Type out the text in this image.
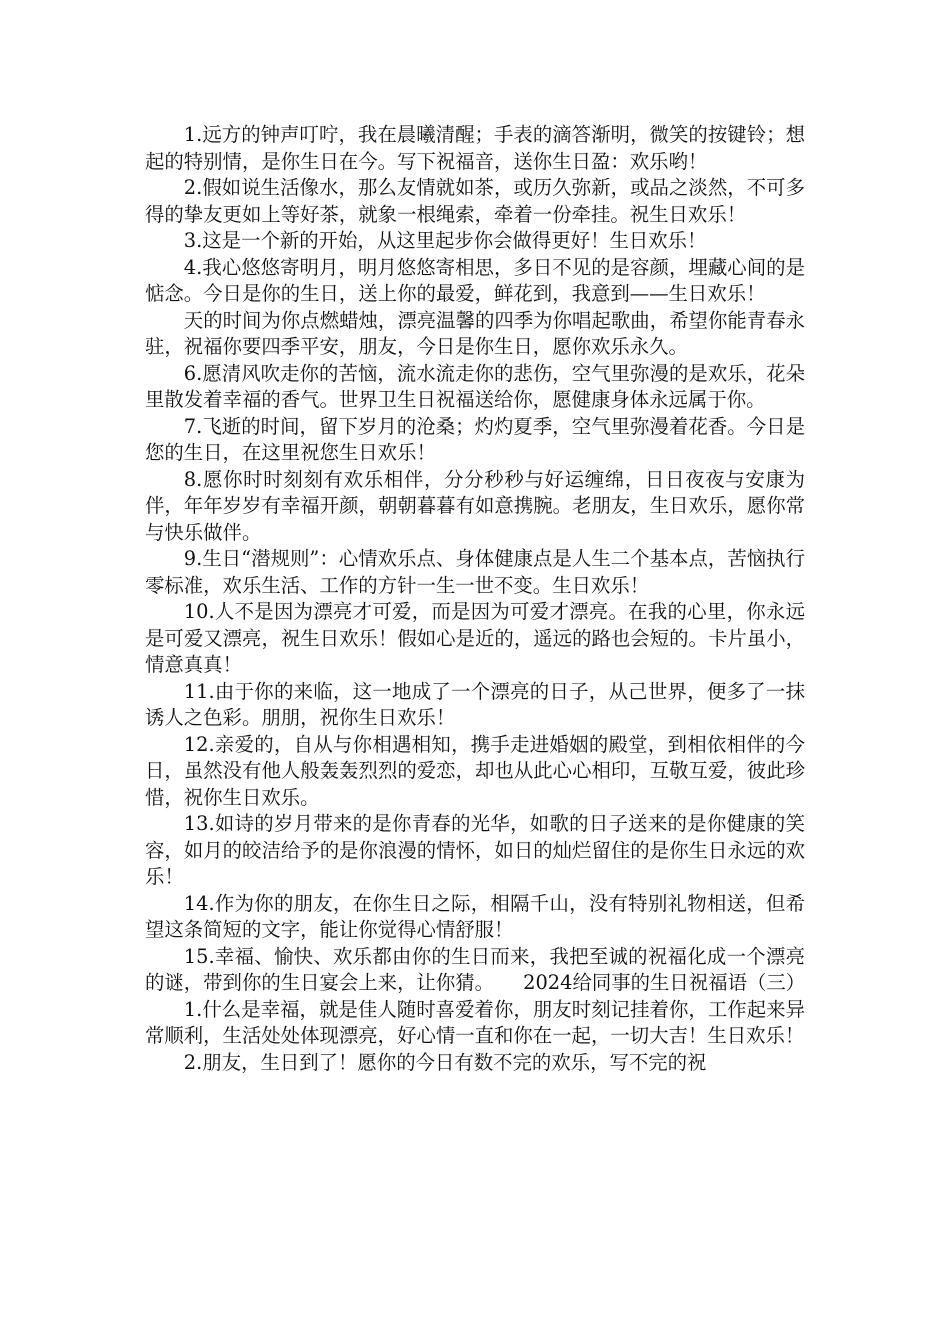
1.远方的钟声叮咛，我在晨曦清醒；手表的滴答渐明，微笑的按键铃；想起的特别情，是你生日在今。写下祝福音，送你生日盈：欢乐哟！

2.假如说生活像水，那么友情就如茶，或历久弥新，或品之淡然，不可多得的挚友更如上等好茶，就象一根绳索，牵着一份牵挂。祝生日欢乐！

3.这是一个新的开始，从这里起步你会做得更好！生日欢乐！

4.我心悠悠寄明月，明月悠悠寄相思，多日不见的是容颜，埋藏心间的是惦念。今日是你的生日，送上你的最爱，鲜花到，我意到——生日欢乐！

天的时间为你点燃蜡烛，漂亮温馨的四季为你唱起歌曲，希望你能青春永驻，祝福你要四季平安，朋友，今日是你生日，愿你欢乐永久。

6.愿清风吹走你的苦恼，流水流走你的悲伤，空气里弥漫的是欢乐，花朵里散发着幸福的香气。世界卫生日祝福送给你，愿健康身体永远属于你。

7.飞逝的时间，留下岁月的沧桑；灼灼夏季，空气里弥漫着花香。今日是您的生日，在这里祝您生日欢乐！

8.愿你时时刻刻有欢乐相伴，分分秒秒与好运缠绵，日日夜夜与安康为伴，年年岁岁有幸福开颜，朝朝暮暮有如意携腕。老朋友，生日欢乐，愿你常与快乐做伴。

9.生日“潜规则”：心情欢乐点、身体健康点是人生二个基本点，苦恼执行零标准，欢乐生活、工作的方针一生一世不变。生日欢乐！

10.人不是因为漂亮才可爱，而是因为可爱才漂亮。在我的心里，你永远是可爱又漂亮，祝生日欢乐！假如心是近的，遥远的路也会短的。卡片虽小，情意真真！

11.由于你的来临，这一地成了一个漂亮的日子，从己世界，便多了一抹诱人之色彩。朋朋，祝你生日欢乐！

12.亲爱的，自从与你相遇相知，携手走进婚姻的殿堂，到相依相伴的今日，虽然没有他人般轰轰烈烈的爱恋，却也从此心心相印，互敬互爱，彼此珍惜，祝你生日欢乐。

13.如诗的岁月带来的是你青春的光华，如歌的日子送来的是你健康的笑容，如月的皎洁给予的是你浪漫的情怀，如日的灿烂留住的是你生日永远的欢乐！

14.作为你的朋友，在你生日之际，相隔千山，没有特别礼物相送，但希望这条简短的文字，能让你觉得心情舒服！

15.幸福、愉快、欢乐都由你的生日而来，我把至诚的祝福化成一个漂亮的谜，带到你的生日宴会上来，让你猜。　　2024给同事的生日祝福语（三）

1.什么是幸福，就是佳人随时喜爱着你，朋友时刻记挂着你，工作起来异常顺利，生活处处体现漂亮，好心情一直和你在一起，一切大吉！生日欢乐！

2.朋友，生日到了！愿你的今日有数不完的欢乐，写不完的祝
